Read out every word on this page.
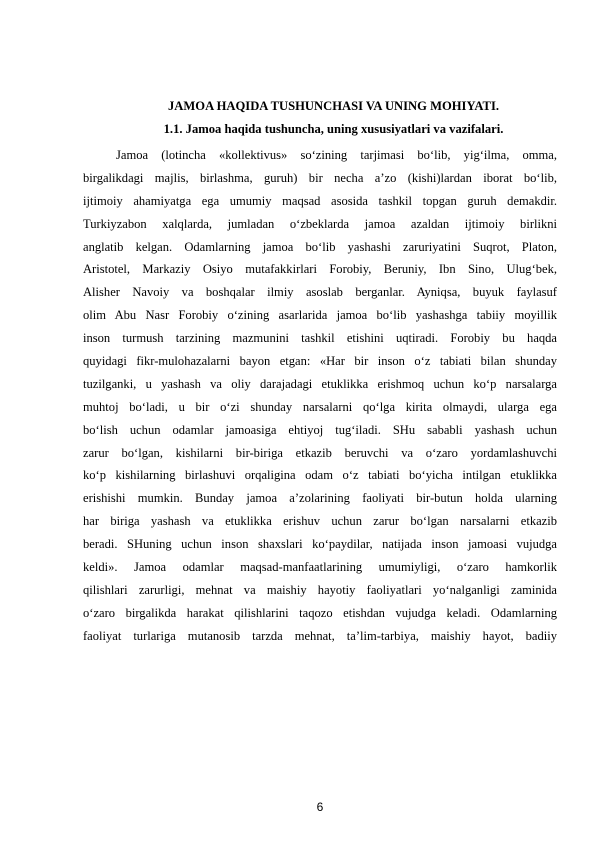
JAMOA HAQIDA TUSHUNCHASI VA UNING MOHIYATI.
1.1. Jamoa haqida tushuncha, uning xususiyatlari va vazifalari.
Jamoa (lotincha «kollektivus» so‘zining tarjimasi bo‘lib, yig‘ilma, omma,
birgalikdagi majlis, birlashma, guruh) bir necha a’zo (kishi)lardan iborat bo‘lib,
ijtimoiy ahamiyatga ega umumiy maqsad asosida tashkil topgan guruh demakdir.
Turkiyzabon xalqlarda, jumladan o‘zbeklarda jamoa azaldan ijtimoiy birlikni
anglatib kelgan. Odamlarning jamoa bo‘lib yashashi zaruriyatini Suqrot, Platon,
Aristotel, Markaziy Osiyo mutafakkirlari Forobiy, Beruniy, Ibn Sino, Ulug‘bek,
Alisher Navoiy va boshqalar ilmiy asoslab berganlar. Ayniqsa, buyuk faylasuf
olim Abu Nasr Forobiy o‘zining asarlarida jamoa bo‘lib yashashga tabiiy moyillik
inson turmush tarzining mazmunini tashkil etishini uqtiradi. Forobiy bu haqda
quyidagi fikr-mulohazalarni bayon etgan: «Har bir inson o‘z tabiati bilan shunday
tuzilganki, u yashash va oliy darajadagi etuklikka erishmoq uchun ko‘p narsalarga
muhtoj bo‘ladi, u bir o‘zi shunday narsalarni qo‘lga kirita olmaydi, ularga ega
bo‘lish uchun odamlar jamoasiga ehtiyoj tug‘iladi. SHu sababli yashash uchun
zarur bo‘lgan, kishilarni bir-biriga etkazib beruvchi va o‘zaro yordamlashuvchi
ko‘p kishilarning birlashuvi orqaligina odam o‘z tabiati bo‘yicha intilgan etuklikka
erishishi mumkin. Bunday jamoa a’zolarining faoliyati bir-butun holda ularning
har biriga yashash va etuklikka erishuv uchun zarur bo‘lgan narsalarni etkazib
beradi. SHuning uchun inson shaxslari ko‘paydilar, natijada inson jamoasi vujudga
keldi». Jamoa odamlar maqsad-manfaatlarining umumiyligi, o‘zaro hamkorlik
qilishlari zarurligi, mehnat va maishiy hayotiy faoliyatlari yo‘nalganligi zaminida
o‘zaro birgalikda harakat qilishlarini taqozo etishdan vujudga keladi. Odamlarning
faoliyat turlariga mutanosib tarzda mehnat, ta’lim-tarbiya, maishiy hayot, badiiy
6
